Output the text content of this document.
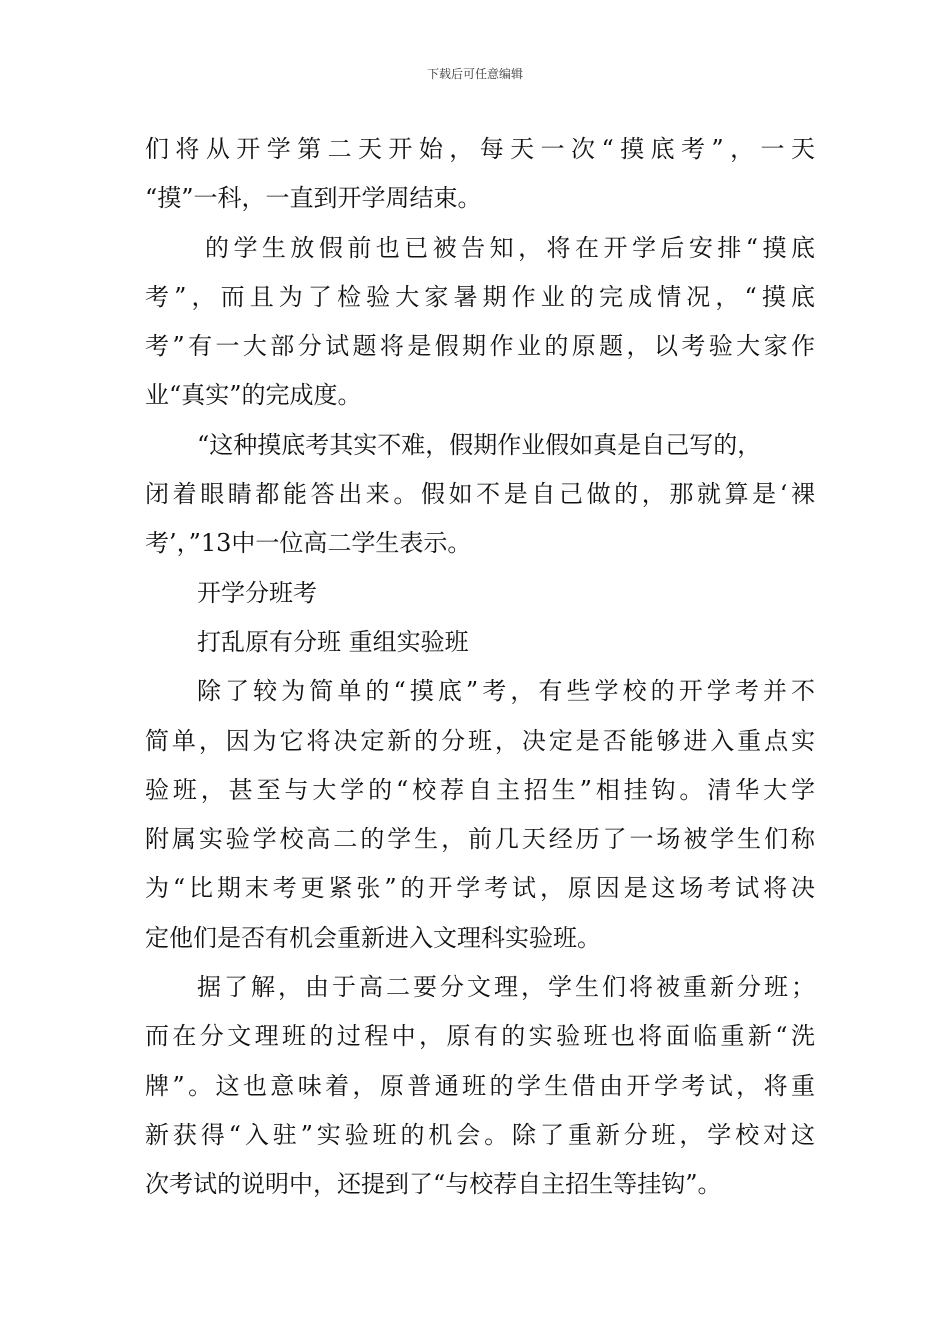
下载后可任意编辑
们将从开学第二天开始，每天一次“摸底考”，一天
“摸”一科，一直到开学周结束。
的学生放假前也已被告知，将在开学后安排“摸底
考”，而且为了检验大家暑期作业的完成情况，“摸底
考”有一大部分试题将是假期作业的原题，以考验大家作
业“真实”的完成度。
“这种摸底考其实不难，假期作业假如真是自己写的，
闭着眼睛都能答出来。假如不是自己做的，那就算是‘裸
考’，”13中一位高二学生表示。
开学分班考
打乱原有分班 重组实验班
除了较为简单的“摸底”考，有些学校的开学考并不
简单，因为它将决定新的分班，决定是否能够进入重点实
验班，甚至与大学的“校荐自主招生”相挂钩。清华大学
附属实验学校高二的学生，前几天经历了一场被学生们称
为“比期末考更紧张”的开学考试，原因是这场考试将决
定他们是否有机会重新进入文理科实验班。
据了解，由于高二要分文理，学生们将被重新分班；
而在分文理班的过程中，原有的实验班也将面临重新“洗
牌”。这也意味着，原普通班的学生借由开学考试，将重
新获得“入驻”实验班的机会。除了重新分班，学校对这
次考试的说明中，还提到了“与校荐自主招生等挂钩”。
